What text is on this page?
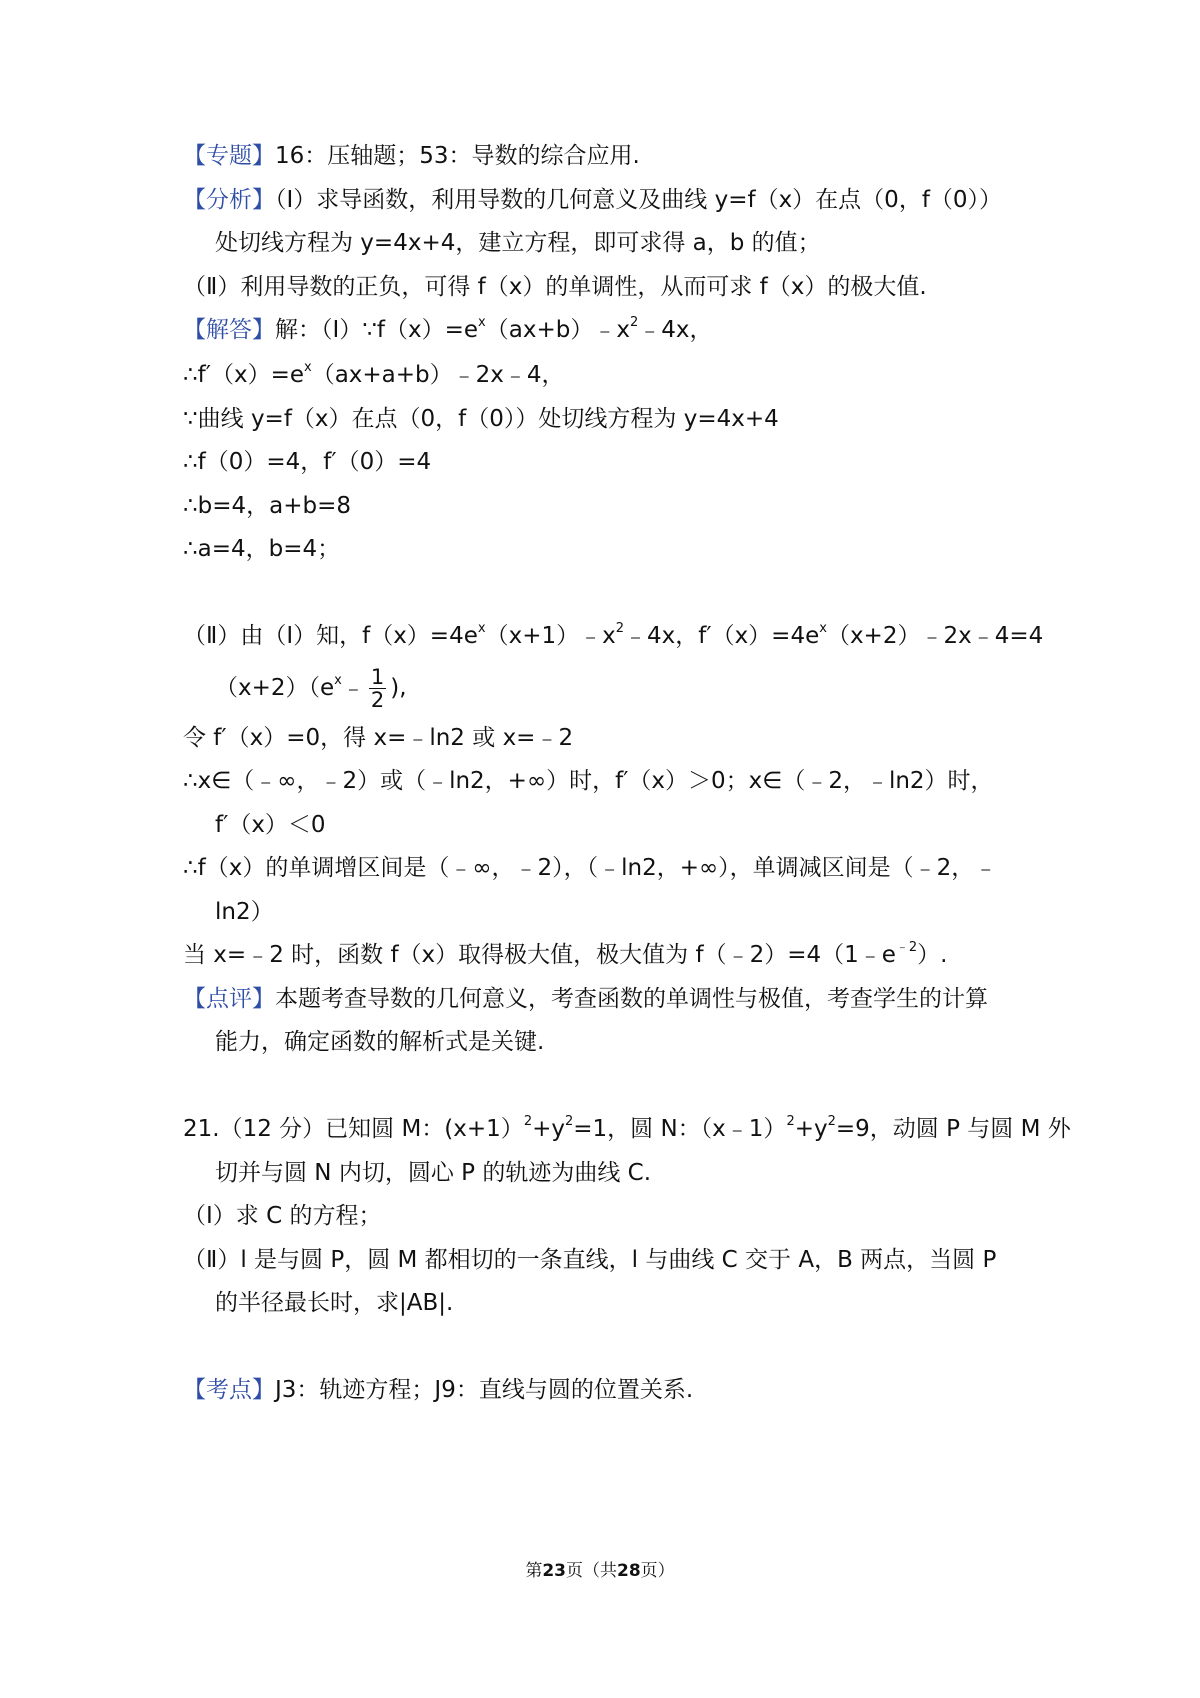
【专题】16：压轴题；53：导数的综合应用.
【分析】（Ⅰ）求导函数，利用导数的几何意义及曲线 y=f（x）在点（0，f（0））
处切线方程为 y=4x+4，建立方程，即可求得 a，b 的值；
（Ⅱ）利用导数的正负，可得 f（x）的单调性，从而可求 f（x）的极大值.
【解答】解：$(Ⅰ)\because f(x)=e^x(ax+b)﹣x^2﹣4x$，
$\therefore f'(x)=e^x(ax+a+b)﹣2x﹣4$，
∵曲线 y=f（x）在点（0，f（0））处切线方程为 y=4x+4
∴f（0）=4，f′（0）=4
∴b=4，a+b=8
∴a=4，b=4；
（Ⅱ）由（Ⅰ）知，$f(x)=4e^x(x+1)﹣x^2﹣4x$，$f'(x)=4e^x(x+2)﹣2x﹣4=4$
$(x+2)(e^x﹣ \frac{1}{2}$ ),
令 f′（x）=0，得 x=﹣ln2 或 x=﹣2
∴x∈（﹣∞，﹣2）或（﹣ln2，+∞）时，f′（x）＞0；x∈（﹣2，﹣ln2）时，
f′（x）＜0
∴f（x）的单调增区间是（﹣∞，﹣2），（﹣ln2，+∞），单调减区间是（﹣2，﹣
ln2）
当 x=﹣2 时，函数 f（x）取得极大值，极大值为 $f(﹣2)=4(1﹣e^{﹣2})$.
【点评】本题考查导数的几何意义，考查函数的单调性与极值，考查学生的计算
能力，确定函数的解析式是关键.
21.（12 分）已知圆 M：$(x+1)^2+y^2=1$，圆 N：$(x﹣1)^2+y^2=9$，动圆 P 与圆 M 外
切并与圆 N 内切，圆心 P 的轨迹为曲线 C.
（Ⅰ）求 C 的方程；
（Ⅱ）l 是与圆 P，圆 M 都相切的一条直线，l 与曲线 C 交于 A，B 两点，当圆 P
的半径最长时，求|AB|.
【考点】J3：轨迹方程；J9：直线与圆的位置关系.
第23页（共28页）
